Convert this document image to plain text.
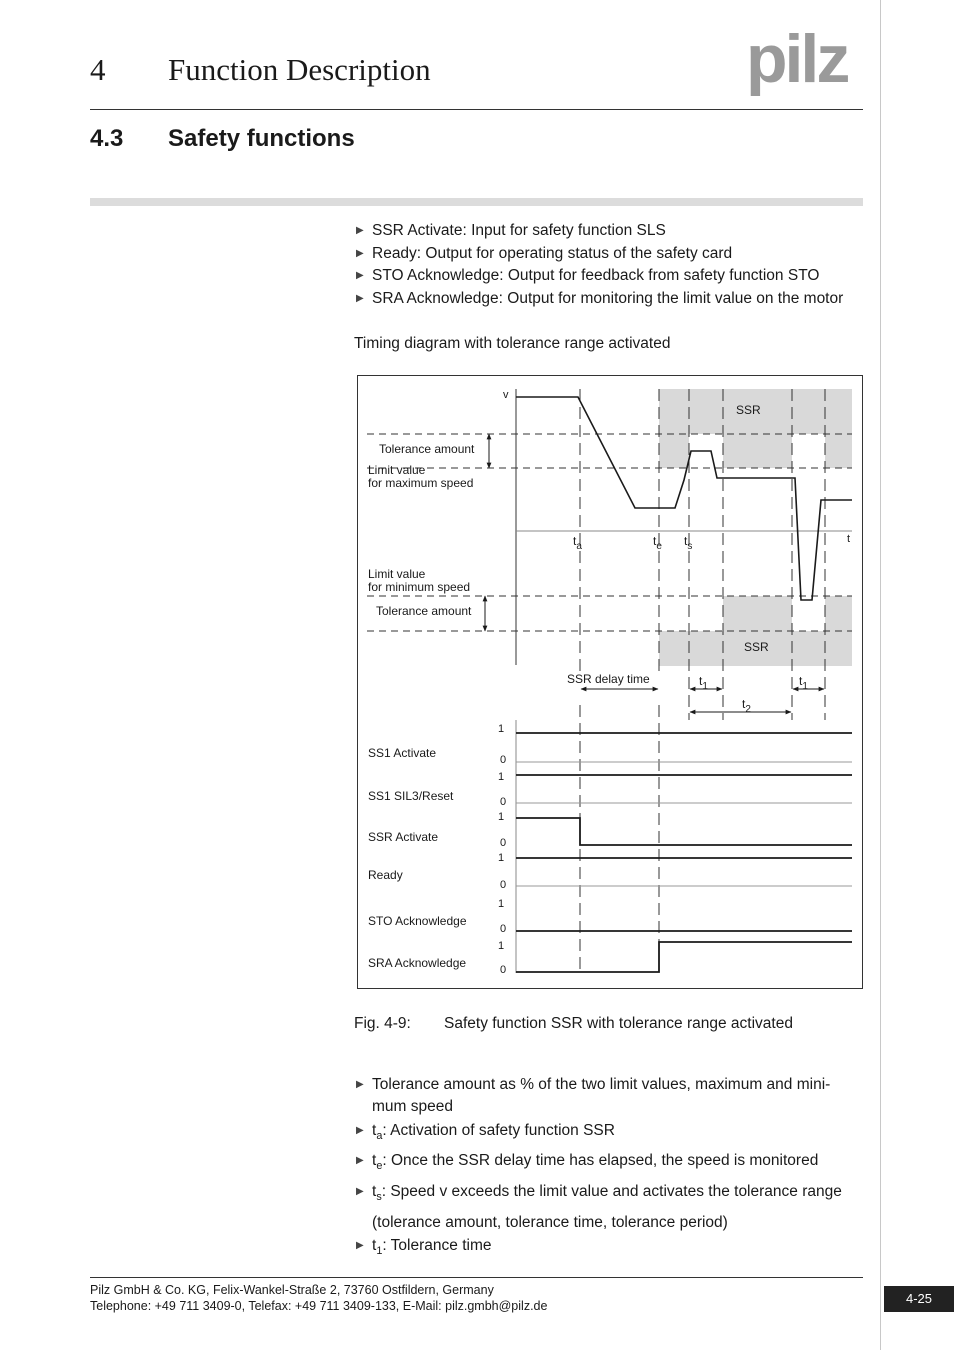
4 Function Description	pilz
4.3 Safety functions
▶ SSR Activate: Input for safety function SLS
▶ Ready: Output for operating status of the safety card
▶ STO Acknowledge: Output for feedback from safety function STO
▶ SRA Acknowledge: Output for monitoring the limit value on the motor
Timing diagram with tolerance range activated
v
t
Tolerance amount
Limit value
for maximum speed
SSR
$t_a$	$t_e$ $t_s$
Limit value
for minimum speed
Tolerance amount
SSR
SSR delay time	$t_1$	$t_1$
$t_2$
SS1 Activate
1
0
SS1 SIL3/Reset
1
0
SSR Activate
1
0
Ready
1
0
STO Acknowledge
1
0
SRA Acknowledge
1
0
Fig. 4-9: Safety function SSR with tolerance range activated
▶ Tolerance amount as % of the two limit values, maximum and mini-
mum speed
▶ $t_a$: Activation of safety function SSR
▶ $t_e$: Once the SSR delay time has elapsed, the speed is monitored
▶ $t_s$: Speed v exceeds the limit value and activates the tolerance range
(tolerance amount, tolerance time, tolerance period)
▶ $t_1$: Tolerance time
Pilz GmbH & Co. KG, Felix-Wankel-Straße 2, 73760 Ostfildern, Germany
Telephone: +49 711 3409-0, Telefax: +49 711 3409-133, E-Mail: pilz.gmbh@pilz.de	4-25
